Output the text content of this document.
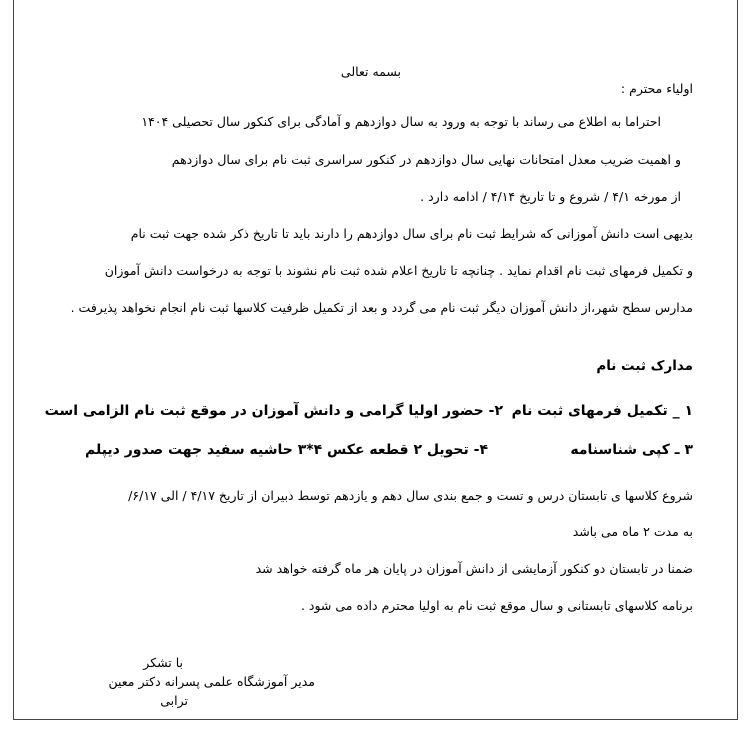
بسمه تعالی
اولیاء محترم :
احتراما به اطلاع می رساند با توجه به ورود به سال دوازدهم و آمادگی برای کنکور سال تحصیلی ۱۴۰۴
و اهمیت ضریب معدل امتحانات نهایی سال دوازدهم در کنکور سراسری ثبت نام برای سال دوازدهم
از مورخه ۴/۱ / شروع و تا تاریخ ۴/۱۴ / ادامه دارد .
بدیهی است دانش آموزانی که شرایط ثبت نام برای سال دوازدهم را دارند باید تا تاریخ ذکر شده جهت ثبت نام
و تکمیل فرمهای ثبت نام اقدام نماید . چنانچه تا تاریخ اعلام شده ثبت نام نشوند با توجه به درخواست دانش آموزان
مدارس سطح شهر،از دانش آموزان دیگر ثبت نام می گردد و بعد از تکمیل ظرفیت کلاسها ثبت نام انجام نخواهد پذیرفت .
مدارک ثبت نام
۱ _ تکمیل فرمهای ثبت نام
۲- حضور اولیا گرامی و دانش آموزان در موقع ثبت نام الزامی است
۳ ـ کپی شناسنامه
۴- تحویل ۲ قطعه عکس ۴*۳ حاشیه سفید جهت صدور دیپلم
شروع کلاسها ی تابستان درس و تست و جمع بندی سال دهم و یازدهم توسط دبیران از تاریخ ۴/۱۷ / الی ۶/۱۷/
به مدت ۲ ماه می باشد
ضمنا در تابستان دو کنکور آزمایشی از دانش آموزان در پایان هر ماه گرفته خواهد شد
برنامه کلاسهای تابستانی و سال موقع ثبت نام به اولیا محترم داده می شود .
با تشکر
مدیر آموزشگاه علمی پسرانه دکتر معین
ترابی
